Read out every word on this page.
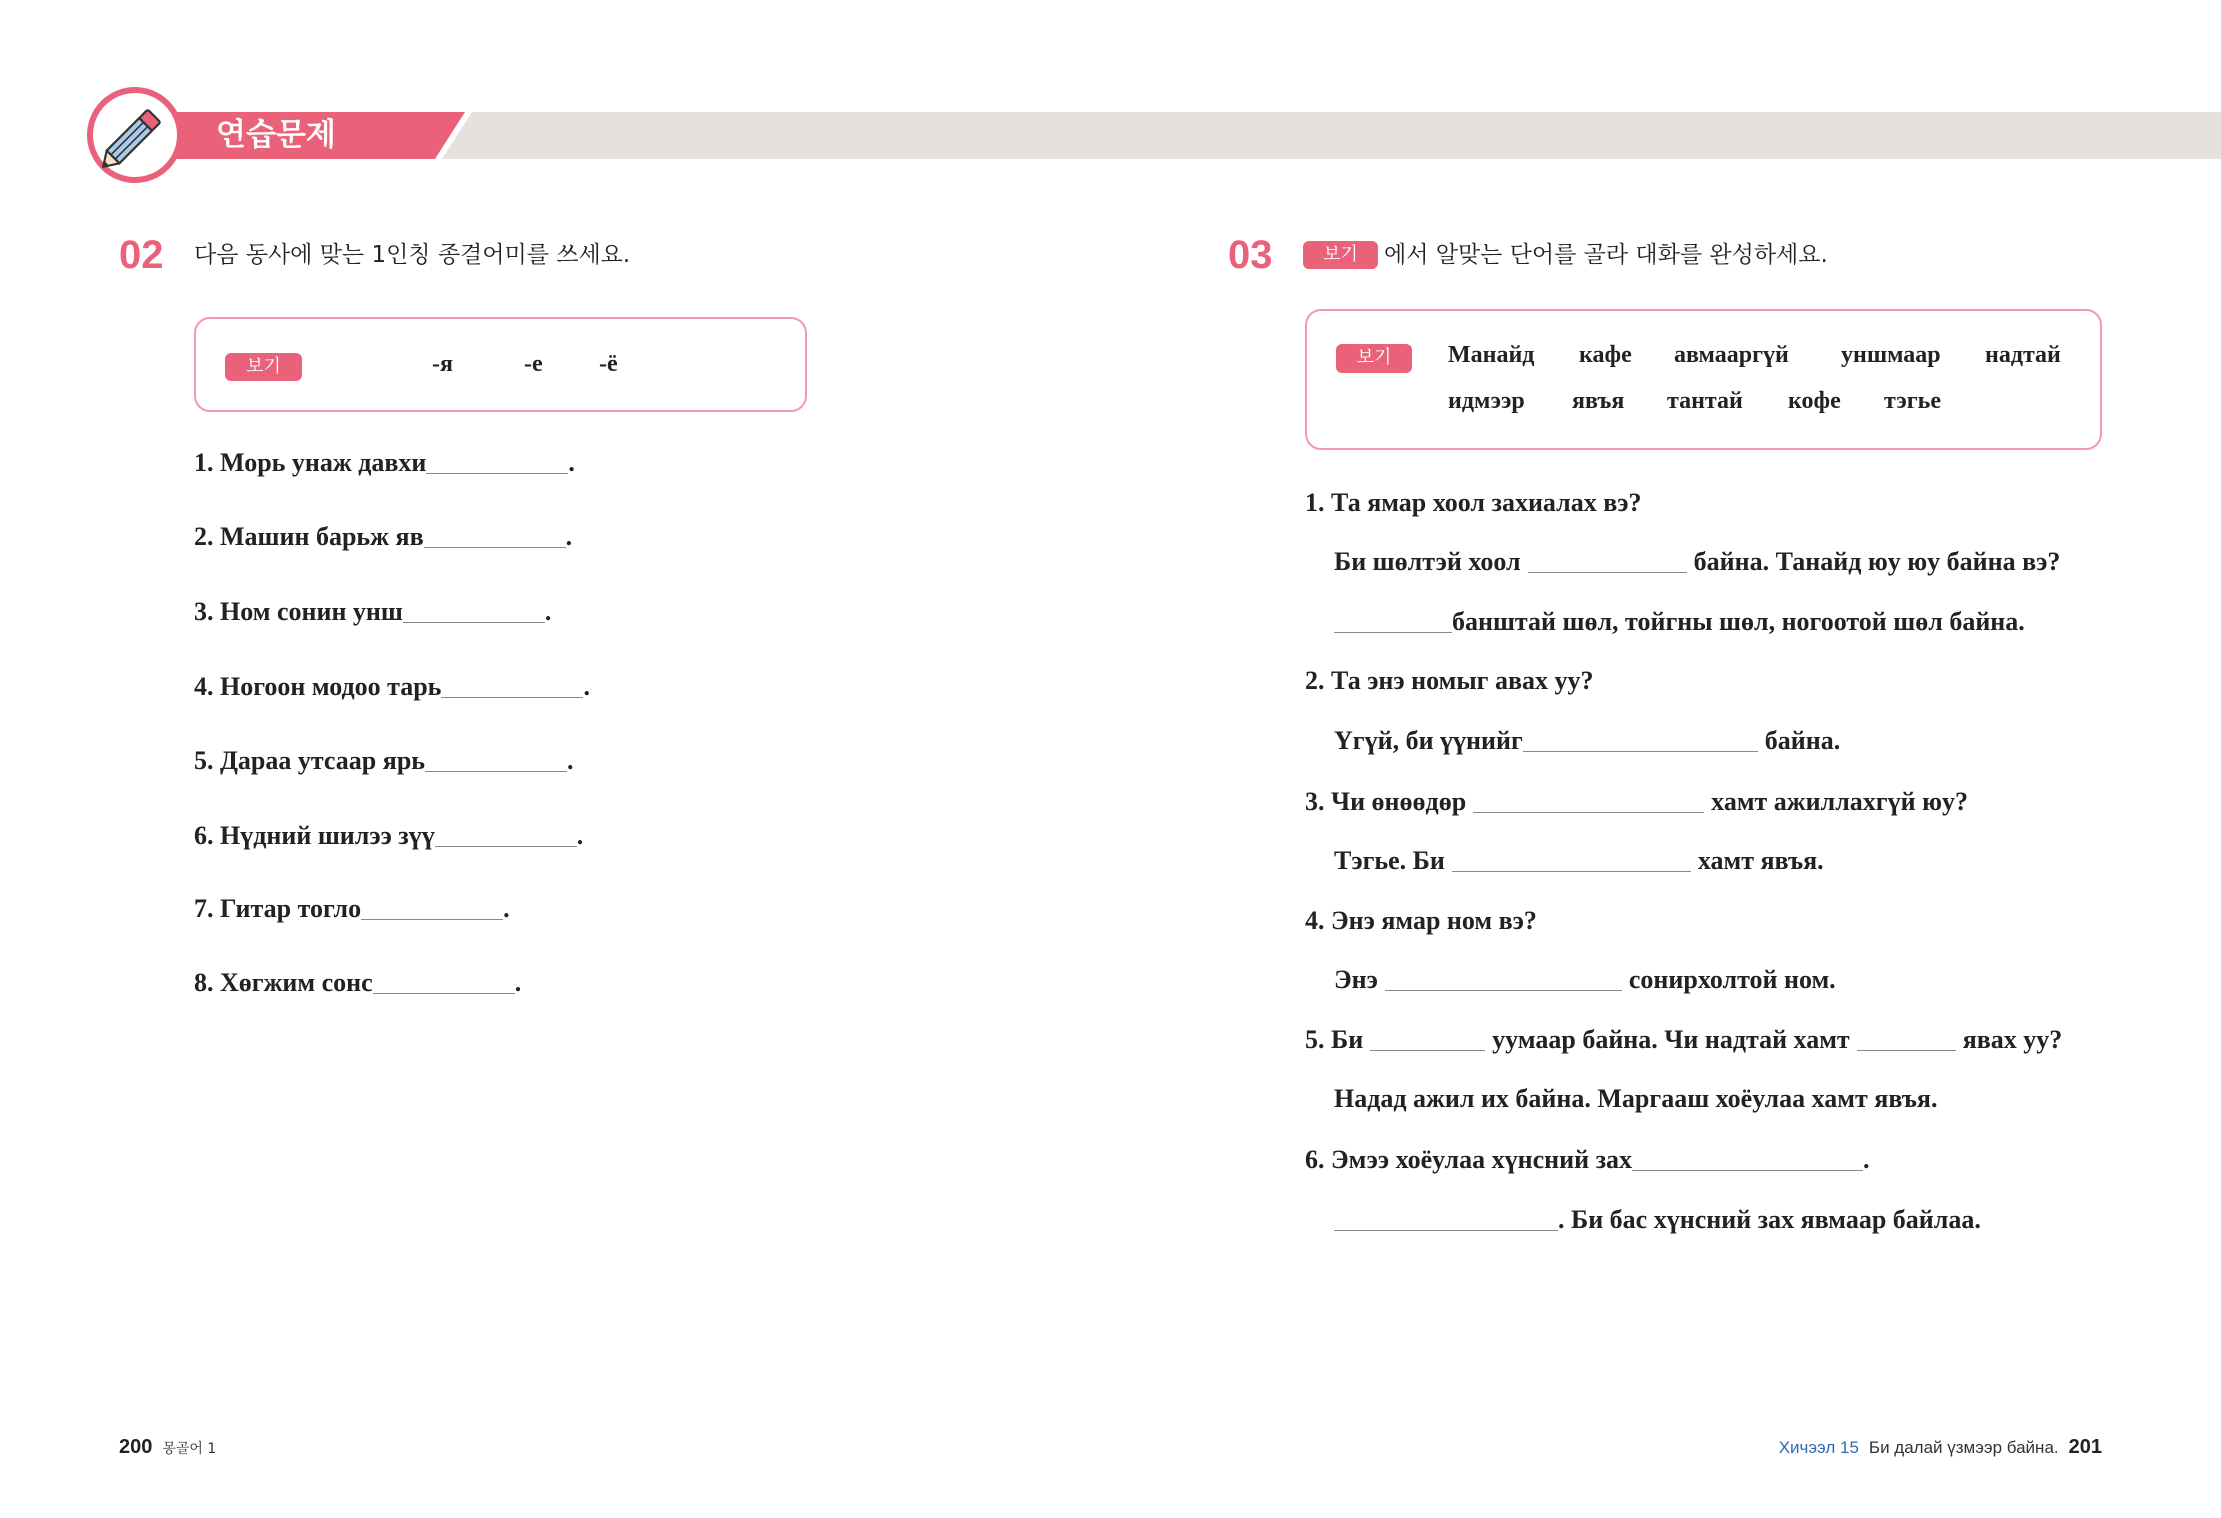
연습문제
02 다음 동사에 맞는 1인칭 종결어미를 쓰세요.
보기	-я	-е -ё
1. Морь унаж давхи	.
2. Машин барьж яв	.
3. Ном сонин унш	.
4. Ногоон модоо тарь	.
5. Дараа утсаар ярь	.
6. Нүдний шилээ зүү	.
7. Гитар тогло	.
8. Хөгжим сонс	.
03	보기	에서 알맞는 단어를 골라 대화를 완성하세요.
보기	Манайд кафе авмааргүй уншмаар надтай
идмээр явъя тантай кофе тэгье
1. Та ямар хоол захиалах вэ?
Би шөлтэй хоол	байна. Танайд юу юу байна вэ?
банштай шөл, тойгны шөл, ногоотой шөл байна.
2. Та энэ номыг авах уу?
Үгүй, би үүнийг	байна.
3. Чи өнөөдөр	хамт ажиллахгүй юу?
Тэгье. Би	хамт явъя.
4. Энэ ямар ном вэ?
Энэ	сонирхолтой ном.
5. Би	уумаар байна. Чи надтай хамт	явах уу?
Надад ажил их байна. Маргааш хоёулаа хамт явъя.
6. Эмээ хоёулаа хүнсний зах	.
. Би бас хүнсний зах явмаар байлаа.
200 몽골어 1	Хичээл 15 Би далай үзмээр байна. 201
